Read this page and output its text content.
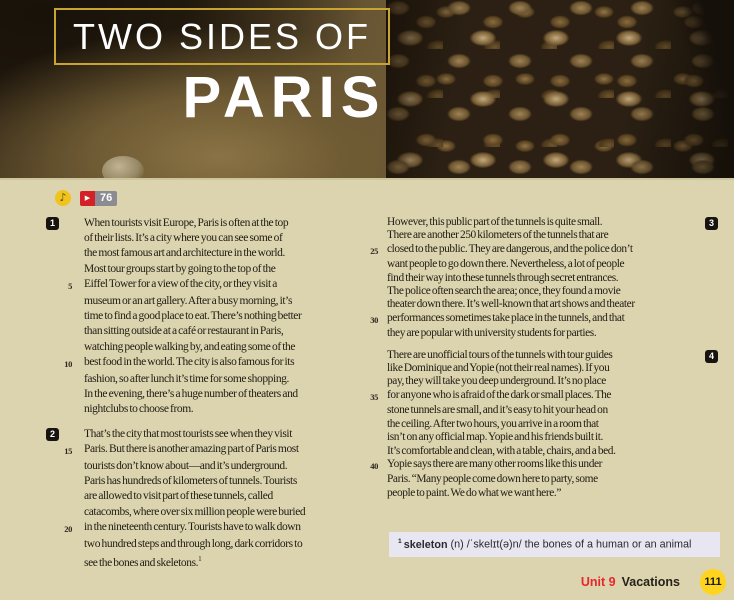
TWO SIDES OF
PARIS
♪	▶ 76
1	When tourists visit Europe, Paris is often at the top
of their lists. It’s a city where you can see some of
the most famous art and architecture in the world.
Most tour groups start by going to the top of the
5 Eiffel Tower for a view of the city, or they visit a
museum or an art gallery. After a busy morning, it’s
time to find a good place to eat. There’s nothing better
than sitting outside at a café or restaurant in Paris,
watching people walking by, and eating some of the
10 best food in the world. The city is also famous for its
fashion, so after lunch it’s time for some shopping.
In the evening, there’s a huge number of theaters and
nightclubs to choose from.
2	That’s the city that most tourists see when they visit
15 Paris. But there is another amazing part of Paris most
tourists don’t know about—and it’s underground.
Paris has hundreds of kilometers of tunnels. Tourists
are allowed to visit part of these tunnels, called
catacombs, where over six million people were buried
20 in the nineteenth century. Tourists have to walk down
two hundred steps and through long, dark corridors to
see the bones and skeletons.$^1$
3
However, this public part of the tunnels is quite small.
There are another 250 kilometers of the tunnels that are
25 closed to the public. They are dangerous, and the police don’t
want people to go down there. Nevertheless, a lot of people
find their way into these tunnels through secret entrances.
The police often search the area; once, they found a movie
theater down there. It’s well-known that art shows and theater
30 performances sometimes take place in the tunnels, and that
they are popular with university students for parties.
4
There are unofficial tours of the tunnels with tour guides
like Dominique and Yopie (not their real names). If you
pay, they will take you deep underground. It’s no place
35 for anyone who is afraid of the dark or small places. The
stone tunnels are small, and it’s easy to hit your head on
the ceiling. After two hours, you arrive in a room that
isn’t on any official map. Yopie and his friends built it.
It’s comfortable and clean, with a table, chairs, and a bed.
40 Yopie says there are many other rooms like this under
Paris. “Many people come down here to party, some
people to paint. We do what we want here.”
$^1$ skeleton (n) /ˈskelɪt(ə)n/ the bones of a human or an animal
Unit 9 Vacations	111
